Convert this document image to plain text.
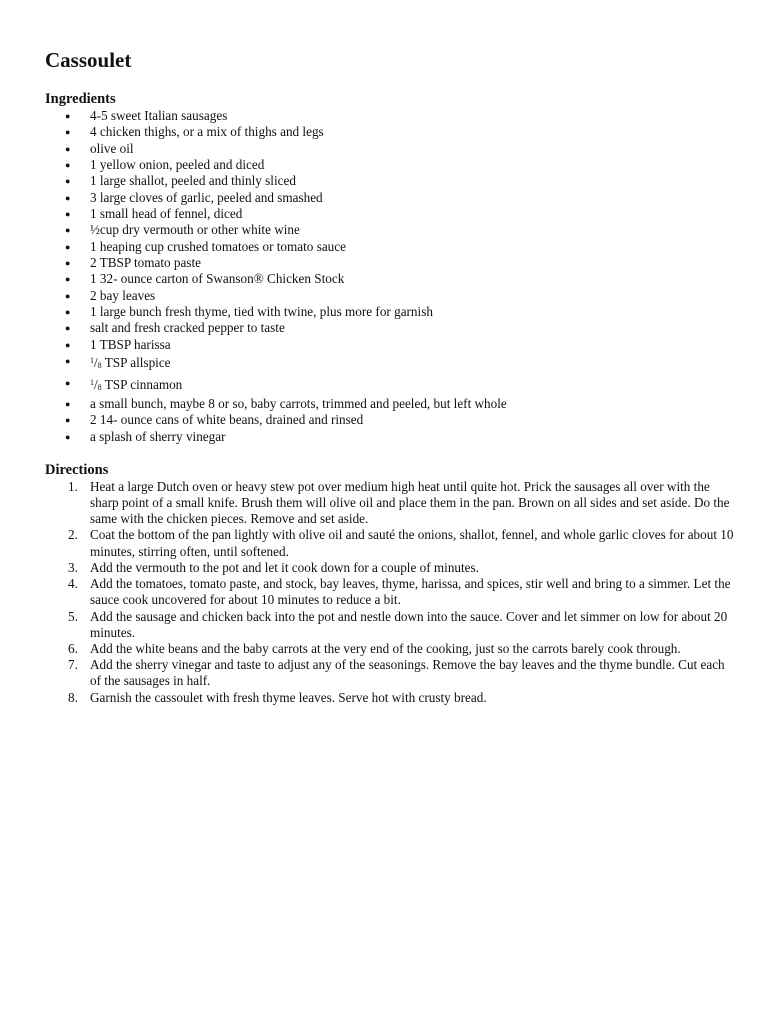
Cassoulet
Ingredients
● 4-5 sweet Italian sausages
● 4 chicken thighs, or a mix of thighs and legs
● olive oil
● 1 yellow onion, peeled and diced
● 1 large shallot, peeled and thinly sliced
● 3 large cloves of garlic, peeled and smashed
● 1 small head of fennel, diced
● ½cup dry vermouth or other white wine
● 1 heaping cup crushed tomatoes or tomato sauce
● 2 TBSP tomato paste
● 1 32- ounce carton of Swanson® Chicken Stock
● 2 bay leaves
● 1 large bunch fresh thyme, tied with twine, plus more for garnish
● salt and fresh cracked pepper to taste
● 1 TBSP harissa
● $^1/_8$ TSP allspice
● $^1/_8$ TSP cinnamon
● a small bunch, maybe 8 or so, baby carrots, trimmed and peeled, but left whole
● 2 14- ounce cans of white beans, drained and rinsed
● a splash of sherry vinegar
Directions
1. Heat a large Dutch oven or heavy stew pot over medium high heat until quite hot. Prick the sausages all over with the sharp point of a small knife. Brush them will olive oil and place them in the pan. Brown on all sides and set aside. Do the same with the chicken pieces. Remove and set aside.
2. Coat the bottom of the pan lightly with olive oil and sauté the onions, shallot, fennel, and whole garlic cloves for about 10 minutes, stirring often, until softened.
3. Add the vermouth to the pot and let it cook down for a couple of minutes.
4. Add the tomatoes, tomato paste, and stock, bay leaves, thyme, harissa, and spices, stir well and bring to a simmer. Let the sauce cook uncovered for about 10 minutes to reduce a bit.
5. Add the sausage and chicken back into the pot and nestle down into the sauce. Cover and let simmer on low for about 20 minutes.
6. Add the white beans and the baby carrots at the very end of the cooking, just so the carrots barely cook through.
7. Add the sherry vinegar and taste to adjust any of the seasonings. Remove the bay leaves and the thyme bundle. Cut each of the sausages in half.
8. Garnish the cassoulet with fresh thyme leaves. Serve hot with crusty bread.
